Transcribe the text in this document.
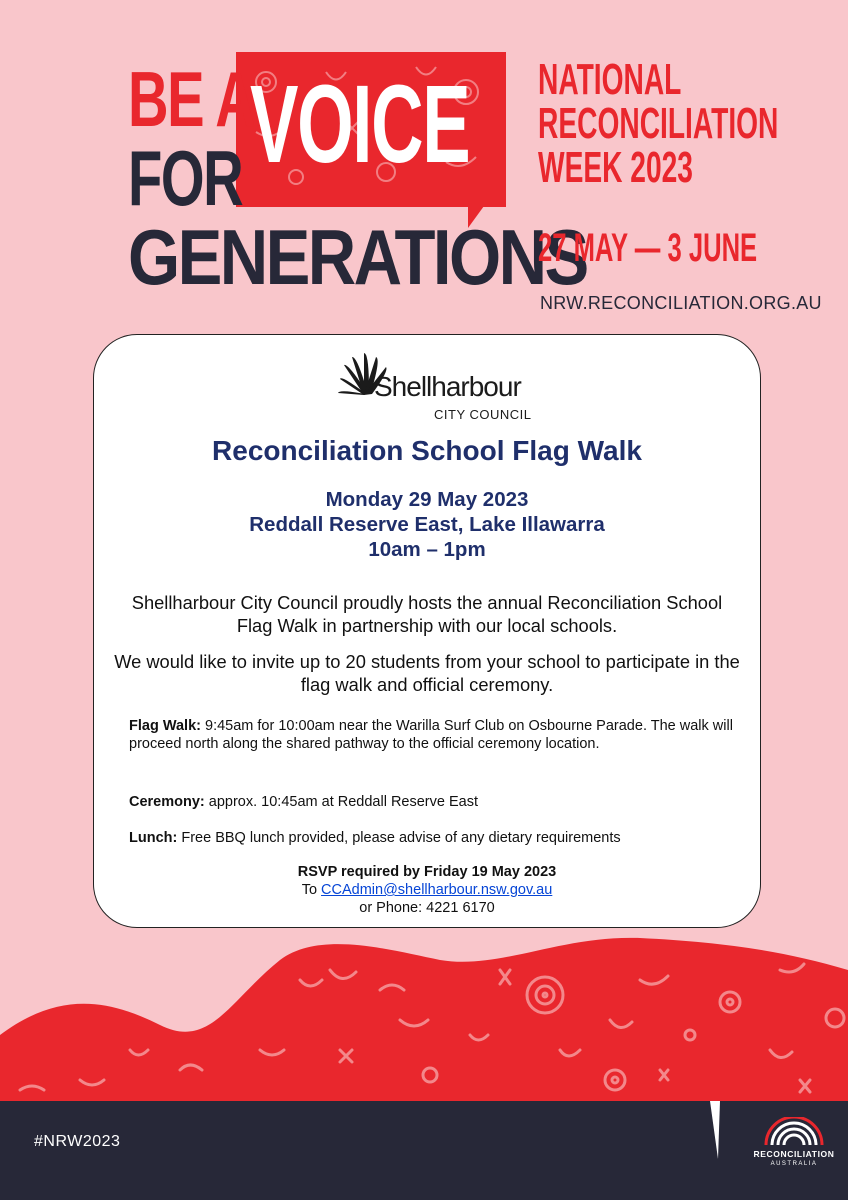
BE A
VOICE
FOR
GENERATIONS
NATIONAL
RECONCILIATION
WEEK 2023
27 MAY — 3 JUNE
NRW.RECONCILIATION.ORG.AU
Shellharbour
CITY COUNCIL
Reconciliation School Flag Walk
Monday 29 May 2023
Reddall Reserve East, Lake Illawarra
10am – 1pm
Shellharbour City Council proudly hosts the annual Reconciliation School Flag Walk in partnership with our local schools.
We would like to invite up to 20 students from your school to participate in the flag walk and official ceremony.
Flag Walk: 9:45am for 10:00am near the Warilla Surf Club on Osbourne Parade. The walk will proceed north along the shared pathway to the official ceremony location.
Ceremony: approx. 10:45am at Reddall Reserve East
Lunch: Free BBQ lunch provided, please advise of any dietary requirements
RSVP required by Friday 19 May 2023
To CCAdmin@shellharbour.nsw.gov.au
or Phone: 4221 6170
#NRW2023
RECONCILIATION
AUSTRALIA
